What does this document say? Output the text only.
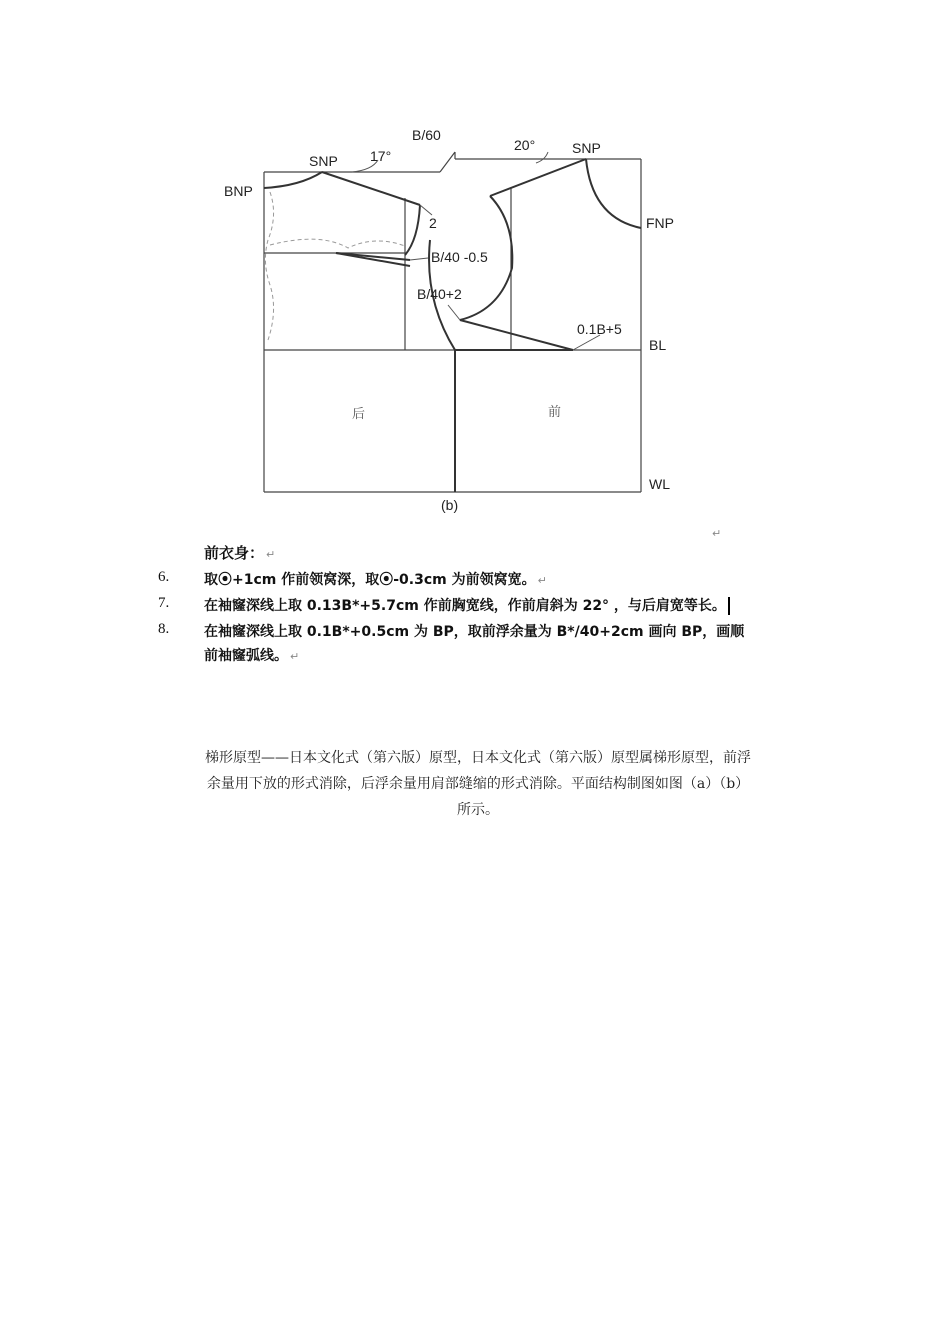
B/60
17°
20°
SNP
SNP
BNP
FNP
2
B/40 -0.5
B/40+2
0.1B+5
BL
WL
后	前
(b)
↵
前衣身： ↵
6. 取⦿+1cm 作前领窝深，取⦿-0.3cm 为前领窝宽。 ↵
7. 在袖窿深线上取 0.13B*+5.7cm 作前胸宽线，作前肩斜为 22° ，与后肩宽等长。
8. 在袖窿深线上取 0.1B*+0.5cm 为 BP，取前浮余量为 B*/40+2cm 画向 BP，画顺
前袖窿弧线。 ↵
梯形原型——日本文化式（第六版）原型，日本文化式（第六版）原型属梯形原型，前浮
余量用下放的形式消除，后浮余量用肩部缝缩的形式消除。平面结构制图如图（a）（b）
所示。
